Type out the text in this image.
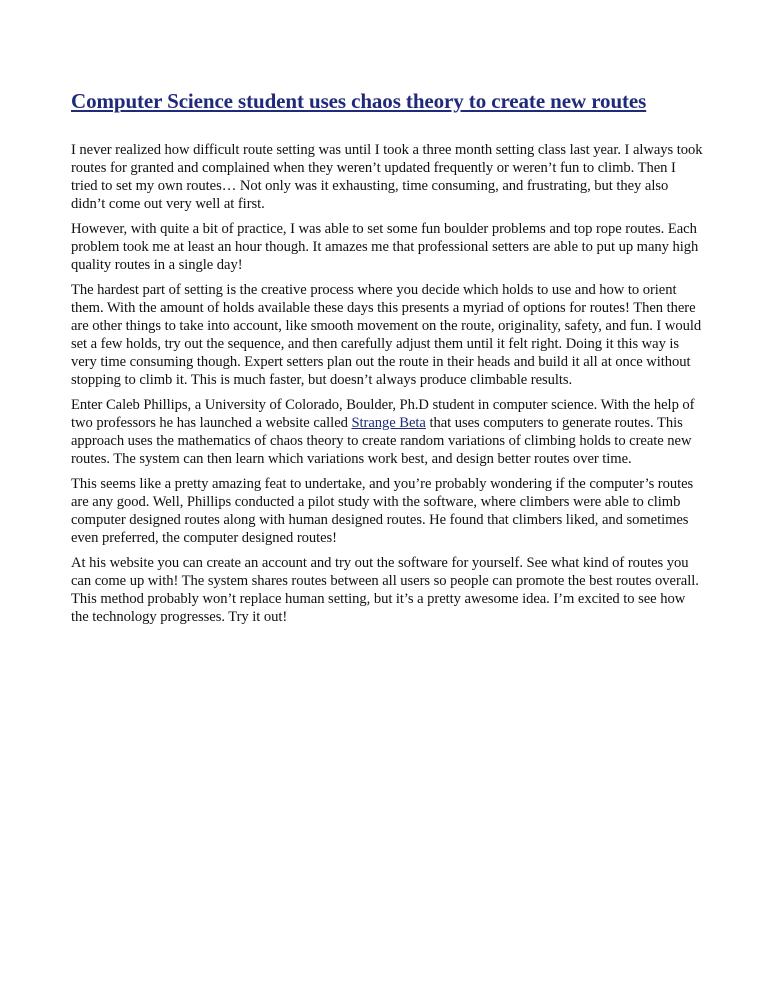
Computer Science student uses chaos theory to create new routes

I never realized how difficult route setting was until I took a three month setting class last year. I always took routes for granted and complained when they weren’t updated frequently or weren’t fun to climb. Then I tried to set my own routes… Not only was it exhausting, time consuming, and frustrating, but they also didn’t come out very well at first.

However, with quite a bit of practice, I was able to set some fun boulder problems and top rope routes. Each problem took me at least an hour though. It amazes me that professional setters are able to put up many high quality routes in a single day!

The hardest part of setting is the creative process where you decide which holds to use and how to orient them. With the amount of holds available these days this presents a myriad of options for routes! Then there are other things to take into account, like smooth movement on the route, originality, safety, and fun. I would set a few holds, try out the sequence, and then carefully adjust them until it felt right. Doing it this way is very time consuming though. Expert setters plan out the route in their heads and build it all at once without stopping to climb it. This is much faster, but doesn’t always produce climbable results.

Enter Caleb Phillips, a University of Colorado, Boulder, Ph.D student in computer science. With the help of two professors he has launched a website called Strange Beta that uses computers to generate routes. This approach uses the mathematics of chaos theory to create random variations of climbing holds to create new routes. The system can then learn which variations work best, and design better routes over time.

This seems like a pretty amazing feat to undertake, and you’re probably wondering if the computer’s routes are any good. Well, Phillips conducted a pilot study with the software, where climbers were able to climb computer designed routes along with human designed routes. He found that climbers liked, and sometimes even preferred, the computer designed routes!

At his website you can create an account and try out the software for yourself. See what kind of routes you can come up with! The system shares routes between all users so people can promote the best routes overall. This method probably won’t replace human setting, but it’s a pretty awesome idea. I’m excited to see how the technology progresses. Try it out!
